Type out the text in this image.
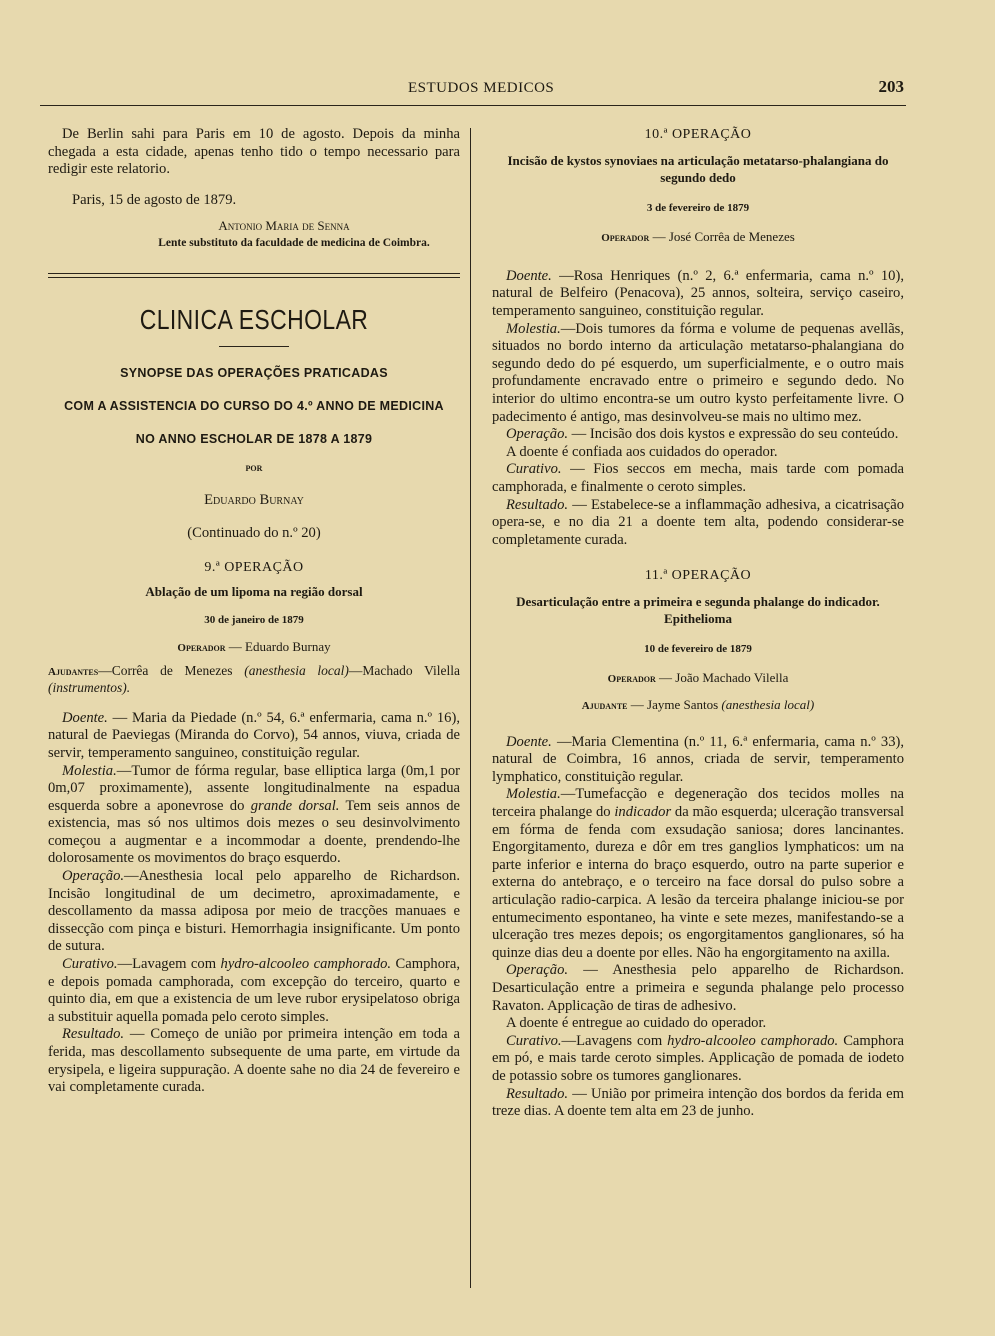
ESTUDOS MEDICOS	203

De Berlin sahi para Paris em 10 de agosto. Depois da minha chegada a esta cidade, apenas tenho tido o tempo necessario para redigir este relatorio.

Paris, 15 de agosto de 1879.

Antonio Maria de Senna

Lente substituto da faculdade de medicina de Coimbra.

CLINICA ESCHOLAR
SYNOPSE DAS OPERAÇÕES PRATICADAS
COM A ASSISTENCIA DO CURSO DO 4.º ANNO DE MEDICINA
NO ANNO ESCHOLAR DE 1878 A 1879

POR

Eduardo Burnay

(Continuado do n.º 20)

9.ª OPERAÇÃO

Ablação de um lipoma na região dorsal

30 de janeiro de 1879

Operador — Eduardo Burnay

Ajudantes—Corrêa de Menezes (anesthesia local)—Machado Vilella (instrumentos).

Doente. — Maria da Piedade (n.º 54, 6.ª enfermaria, cama n.º 16), natural de Paeviegas (Miranda do Corvo), 54 annos, viuva, criada de servir, temperamento sanguineo, constituição regular.

Molestia.—Tumor de fórma regular, base elliptica larga (0m,1 por 0m,07 proximamente), assente longitudinalmente na espadua esquerda sobre a aponevrose do grande dorsal. Tem seis annos de existencia, mas só nos ultimos dois mezes o seu desinvolvimento começou a augmentar e a incommodar a doente, prendendo-lhe dolorosamente os movimentos do braço esquerdo.

Operação.—Anesthesia local pelo apparelho de Richardson. Incisão longitudinal de um decimetro, aproximadamente, e descollamento da massa adiposa por meio de tracções manuaes e dissecção com pinça e bisturi. Hemorrhagia insignificante. Um ponto de sutura.

Curativo.—Lavagem com hydro-alcooleo camphorado. Camphora, e depois pomada camphorada, com excepção do terceiro, quarto e quinto dia, em que a existencia de um leve rubor erysipelatoso obriga a substituir aquella pomada pelo ceroto simples.

Resultado. — Começo de união por primeira intenção em toda a ferida, mas descollamento subsequente de uma parte, em virtude da erysipela, e ligeira suppuração. A doente sahe no dia 24 de fevereiro e vai completamente curada.

10.ª OPERAÇÃO

Incisão de kystos synoviaes na articulação metatarso-phalangiana do segundo dedo

3 de fevereiro de 1879

Operador — José Corrêa de Menezes

Doente. —Rosa Henriques (n.º 2, 6.ª enfermaria, cama n.º 10), natural de Belfeiro (Penacova), 25 annos, solteira, serviço caseiro, temperamento sanguineo, constituição regular.

Molestia.—Dois tumores da fórma e volume de pequenas avellãs, situados no bordo interno da articulação metatarso-phalangiana do segundo dedo do pé esquerdo, um superficialmente, e o outro mais profundamente encravado entre o primeiro e segundo dedo. No interior do ultimo encontra-se um outro kysto perfeitamente livre. O padecimento é antigo, mas desinvolveu-se mais no ultimo mez.

Operação. — Incisão dos dois kystos e expressão do seu conteúdo.

A doente é confiada aos cuidados do operador.

Curativo. — Fios seccos em mecha, mais tarde com pomada camphorada, e finalmente o ceroto simples.

Resultado. — Estabelece-se a inflammação adhesiva, a cicatrisação opera-se, e no dia 21 a doente tem alta, podendo considerar-se completamente curada.

11.ª OPERAÇÃO

Desarticulação entre a primeira e segunda phalange do indicador.

Epithelioma

10 de fevereiro de 1879

Operador — João Machado Vilella

Ajudante — Jayme Santos (anesthesia local)

Doente. —Maria Clementina (n.º 11, 6.ª enfermaria, cama n.º 33), natural de Coimbra, 16 annos, criada de servir, temperamento lymphatico, constituição regular.

Molestia.—Tumefacção e degeneração dos tecidos molles na terceira phalange do indicador da mão esquerda; ulceração transversal em fórma de fenda com exsudação saniosa; dores lancinantes. Engorgitamento, dureza e dôr em tres ganglios lymphaticos: um na parte inferior e interna do braço esquerdo, outro na parte superior e externa do antebraço, e o terceiro na face dorsal do pulso sobre a articulação radio-carpica. A lesão da terceira phalange iniciou-se por entumecimento espontaneo, ha vinte e sete mezes, manifestando-se a ulceração tres mezes depois; os engorgitamentos ganglionares, só ha quinze dias deu a doente por elles. Não ha engorgitamento na axilla.

Operação. — Anesthesia pelo apparelho de Richardson. Desarticulação entre a primeira e segunda phalange pelo processo Ravaton. Applicação de tiras de adhesivo.

A doente é entregue ao cuidado do operador.

Curativo.—Lavagens com hydro-alcooleo camphorado. Camphora em pó, e mais tarde ceroto simples. Applicação de pomada de iodeto de potassio sobre os tumores ganglionares.

Resultado. — União por primeira intenção dos bordos da ferida em treze dias. A doente tem alta em 23 de junho.
